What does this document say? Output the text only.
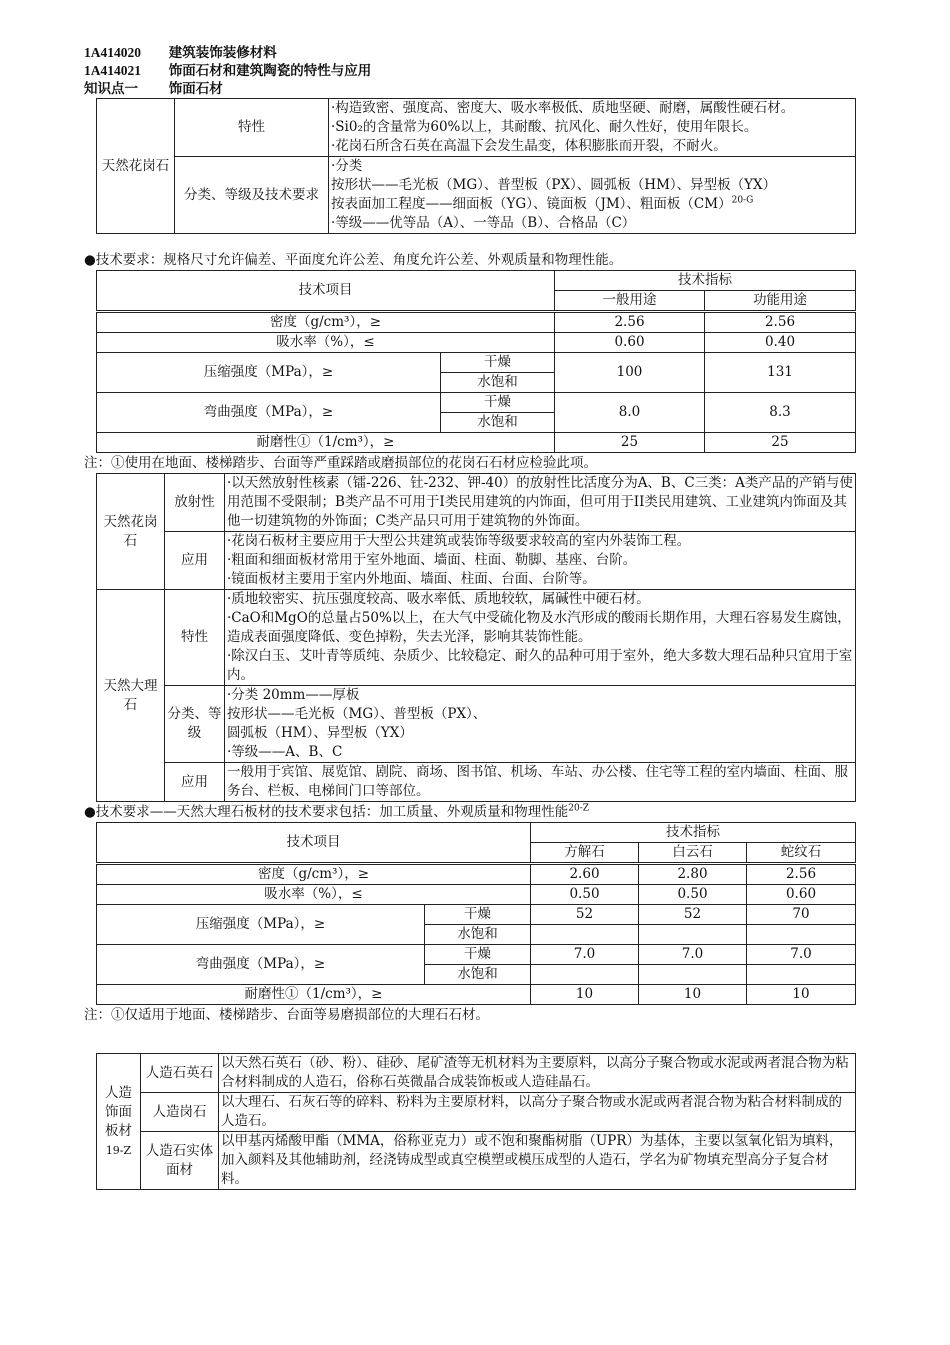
1A414020 建筑装饰装修材料

1A414021 饰面石材和建筑陶瓷的特性与应用

知识点一 饰面石材

天然花岗石	特性	·构造致密、强度高、密度大、吸水率极低、质地坚硬、耐磨，属酸性硬石材。
·Si0₂的含量常为60%以上，其耐酸、抗风化、耐久性好，使用年限长。
·花岗石所含石英在高温下会发生晶变，体积膨胀而开裂，不耐火。

	分类、等级及技术要求	·分类
按形状——毛光板（MG）、普型板（PX）、圆弧板（HM）、异型板（YX）
按表面加工程度——细面板（YG）、镜面板（JM）、粗面板（CM）$^{20-G}$
·等级——优等品（A）、一等品（B）、合格品（C）

●技术要求：规格尺寸允许偏差、平面度允许公差、角度允许公差、外观质量和物理性能。

技术项目		技术指标	
		一般用途	功能用途
密度（g/cm³），≥		2.56	2.56
吸水率（%），≤		0.60	0.40
压缩强度（MPa），≥	干燥	100	131
	水饱和		
弯曲强度（MPa），≥	干燥	8.0	8.3
	水饱和		
耐磨性①（1/cm³），≥		25	25

注：①使用在地面、楼梯踏步、台面等严重踩踏或磨损部位的花岗石石材应检验此项。

天然花岗石	放射性	·以天然放射性核素（镭-226、钍-232、钾-40）的放射性比活度分为A、B、C三类：A类产品的产销与使用范围不受限制；B类产品不可用于I类民用建筑的内饰面，但可用于II类民用建筑、工业建筑内饰面及其他一切建筑物的外饰面；C类产品只可用于建筑物的外饰面。

	应用	·花岗石板材主要应用于大型公共建筑或装饰等级要求较高的室内外装饰工程。
·粗面和细面板材常用于室外地面、墙面、柱面、勒脚、基座、台阶。
·镜面板材主要用于室内外地面、墙面、柱面、台面、台阶等。

天然大理石	特性	·质地较密实、抗压强度较高、吸水率低、质地较软，属碱性中硬石材。
·CaO和MgO的总量占50%以上，在大气中受硫化物及水汽形成的酸雨长期作用，大理石容易发生腐蚀，造成表面强度降低、变色掉粉，失去光泽，影响其装饰性能。
·除汉白玉、艾叶青等质纯、杂质少、比较稳定、耐久的品种可用于室外，绝大多数大理石品种只宜用于室内。

	分类、等级	·分类 20mm——厚板
按形状——毛光板（MG）、普型板（PX）、
圆弧板（HM）、异型板（YX）
·等级——A、B、C

	应用	一般用于宾馆、展览馆、剧院、商场、图书馆、机场、车站、办公楼、住宅等工程的室内墙面、柱面、服务台、栏板、电梯间门口等部位。

●技术要求——天然大理石板材的技术要求包括：加工质量、外观质量和物理性能$^{20-Z}$

技术项目		技术指标		
		方解石	白云石	蛇纹石
密度（g/cm³），≥		2.60	2.80	2.56
吸水率（%），≤		0.50	0.50	0.60
压缩强度（MPa），≥	干燥	52	52	70
	水饱和			
弯曲强度（MPa），≥	干燥	7.0	7.0	7.0
	水饱和			
耐磨性①（1/cm³），≥		10	10	10

注：①仅适用于地面、楼梯踏步、台面等易磨损部位的大理石石材。

人造饰面板材
19-Z	人造石英石	以天然石英石（砂、粉）、硅砂、尾矿渣等无机材料为主要原料，以高分子聚合物或水泥或两者混合物为粘合材料制成的人造石，俗称石英微晶合成装饰板或人造硅晶石。
	人造岗石	以大理石、石灰石等的碎料、粉料为主要原材料，以高分子聚合物或水泥或两者混合物为粘合材料制成的人造石。
	人造石实体面材	以甲基丙烯酸甲酯（MMA，俗称亚克力）或不饱和聚酯树脂（UPR）为基体，主要以氢氧化铝为填料，加入颜料及其他辅助剂，经浇铸成型或真空模塑或模压成型的人造石，学名为矿物填充型高分子复合材料。
